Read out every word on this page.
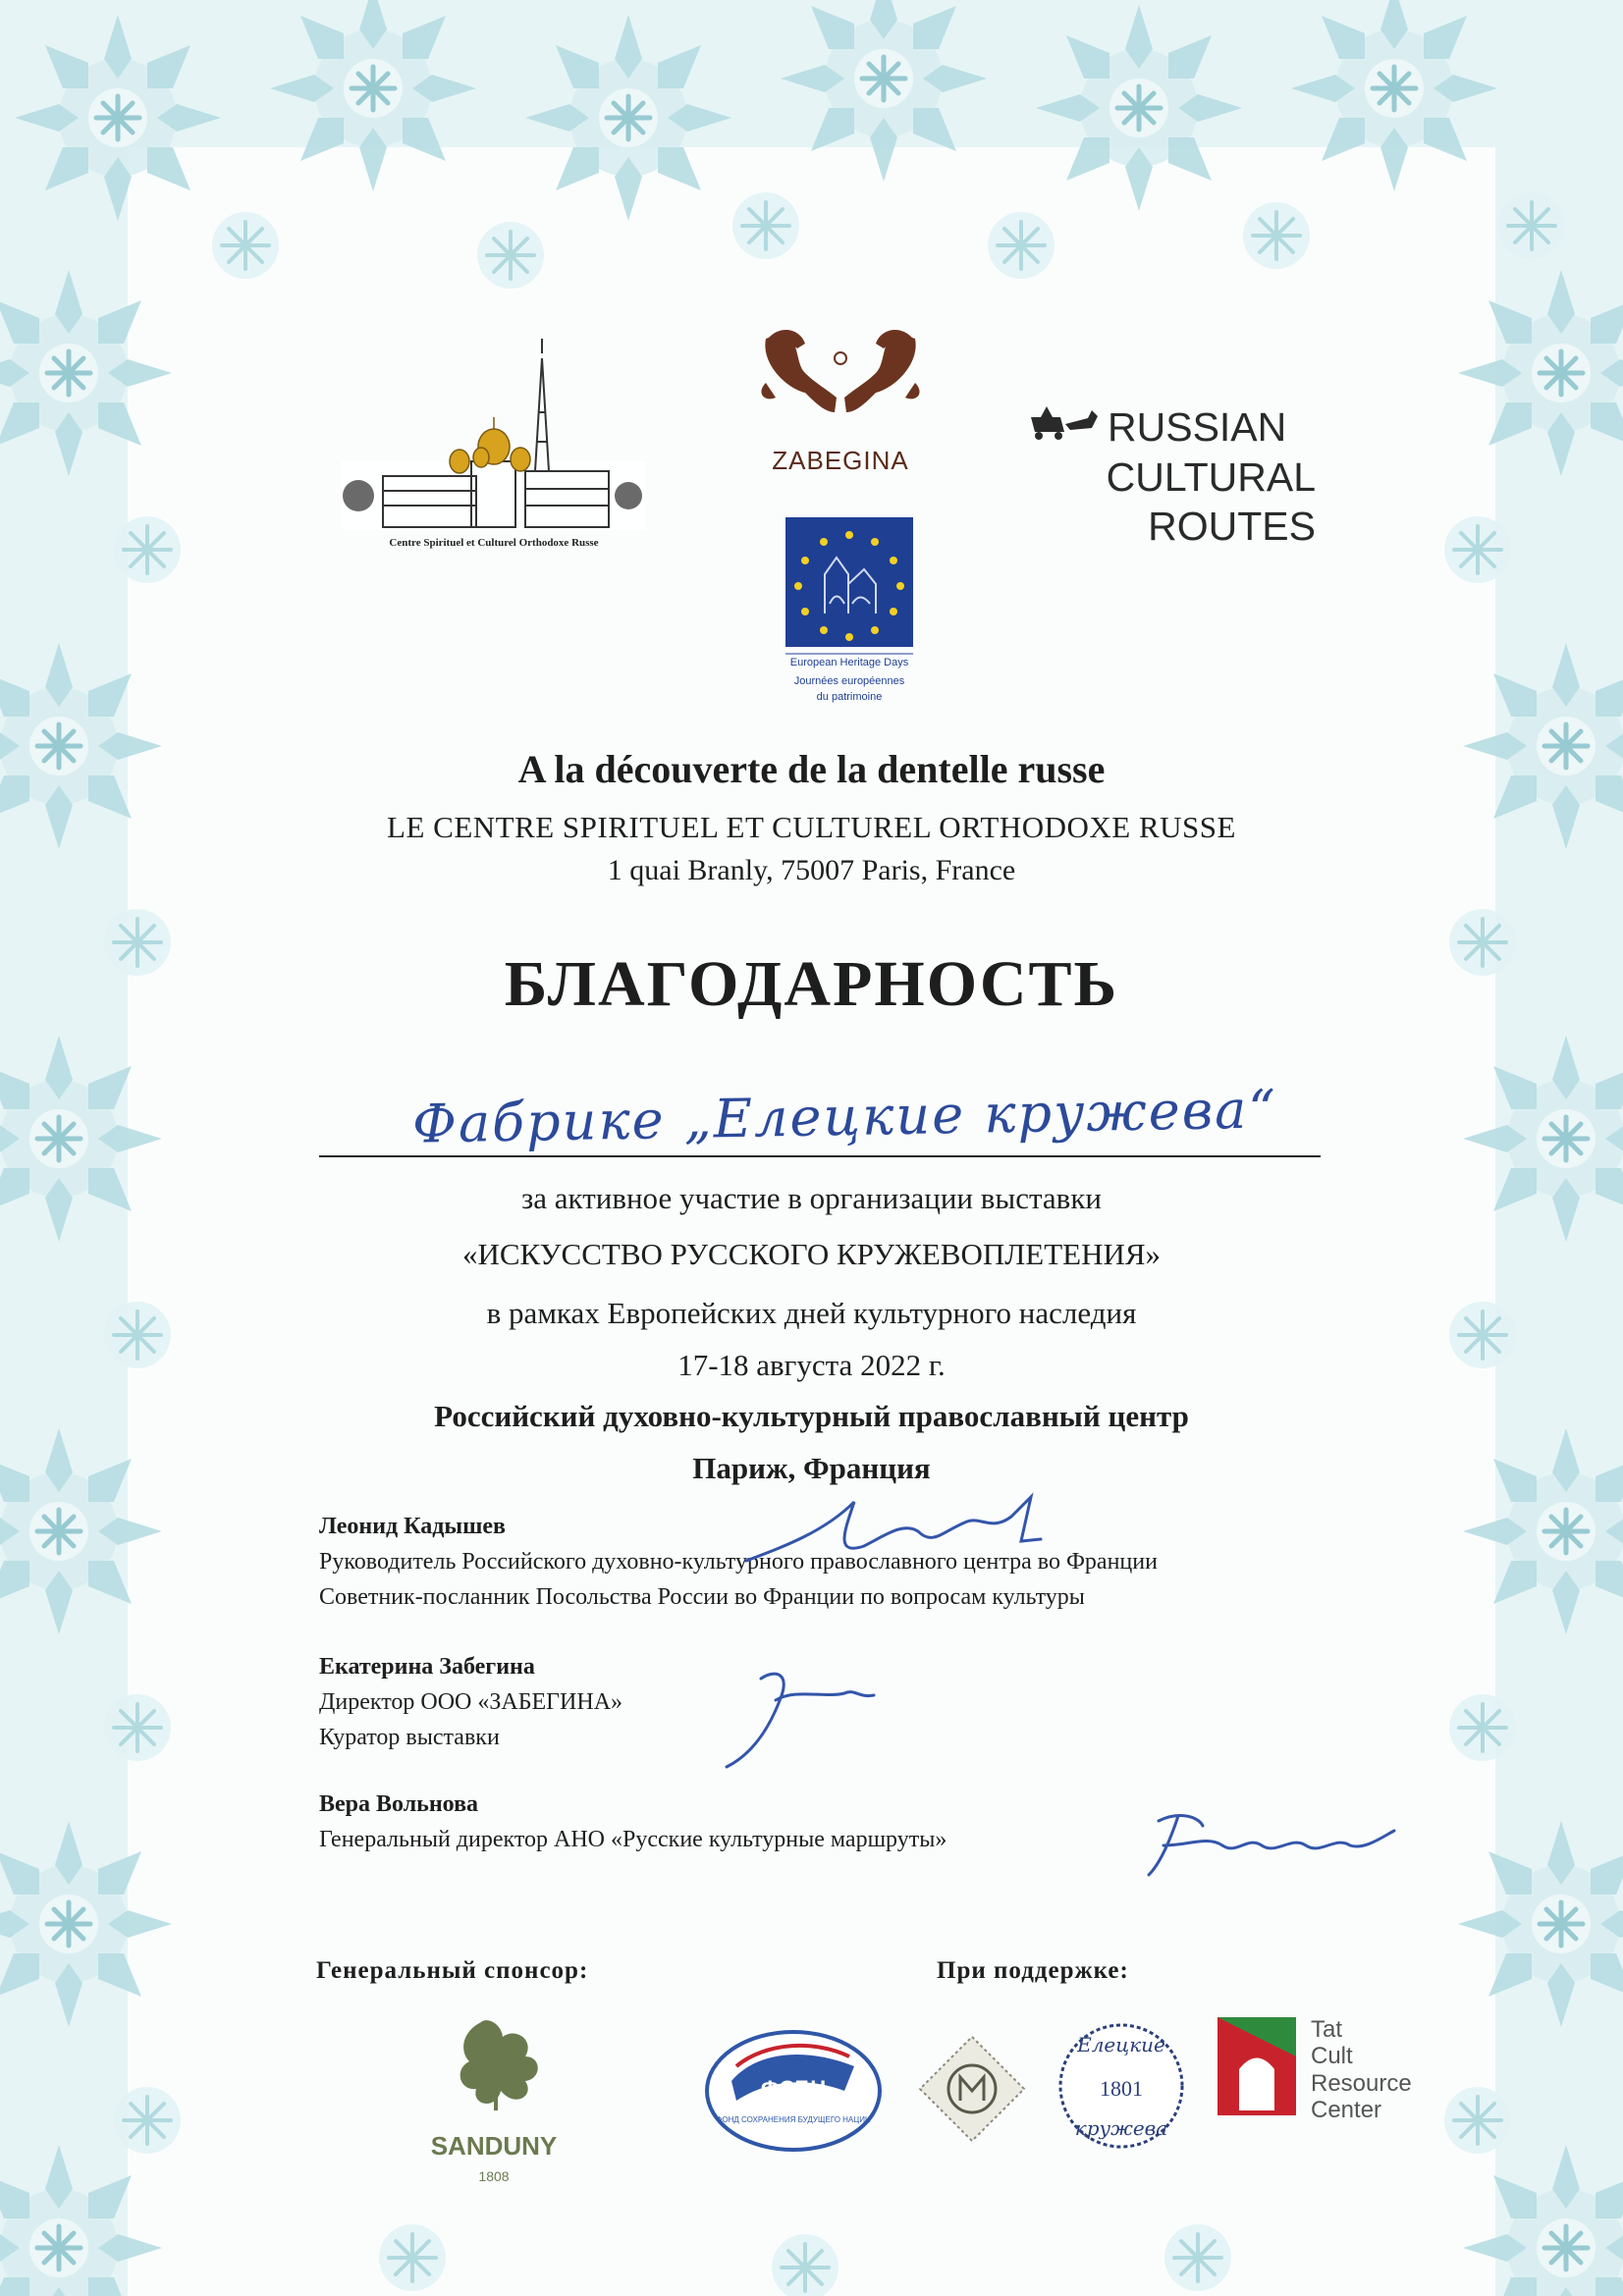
Centre Spirituel et Culturel Orthodoxe Russe
ZABEGINA
European Heritage Days
Journées européennes
du patrimoine
RUSSIAN
CULTURAL
ROUTES
A la découverte de la dentelle russe
LE CENTRE SPIRITUEL ET CULTUREL ORTHODOXE RUSSE
1 quai Branly, 75007 Paris, France
БЛАГОДАРНОСТЬ
Фабрике „Елецкие кружева“
за активное участие в организации выставки
«ИСКУССТВО РУССКОГО КРУЖЕВОПЛЕТЕНИЯ»
в рамках Европейских дней культурного наследия
17-18 августа 2022 г.
Российский духовно-культурный православный центр
Париж, Франция
Леонид Кадышев
Руководитель Российского духовно-культурного православного центра во Франции
Советник-посланник Посольства России во Франции по вопросам культуры
Екатерина Забегина
Директор ООО «ЗАБЕГИНА»
Куратор выставки
Вера Вольнова
Генеральный директор АНО «Русские культурные маршруты»
Генеральный спонсор:	При поддержке:
SANDUNY
1808
ФСБН
ФОНД СОХРАНЕНИЯ БУДУЩЕГО НАЦИИ
Елецкие
1801
кружева
Tat
Cult
Resource
Center
